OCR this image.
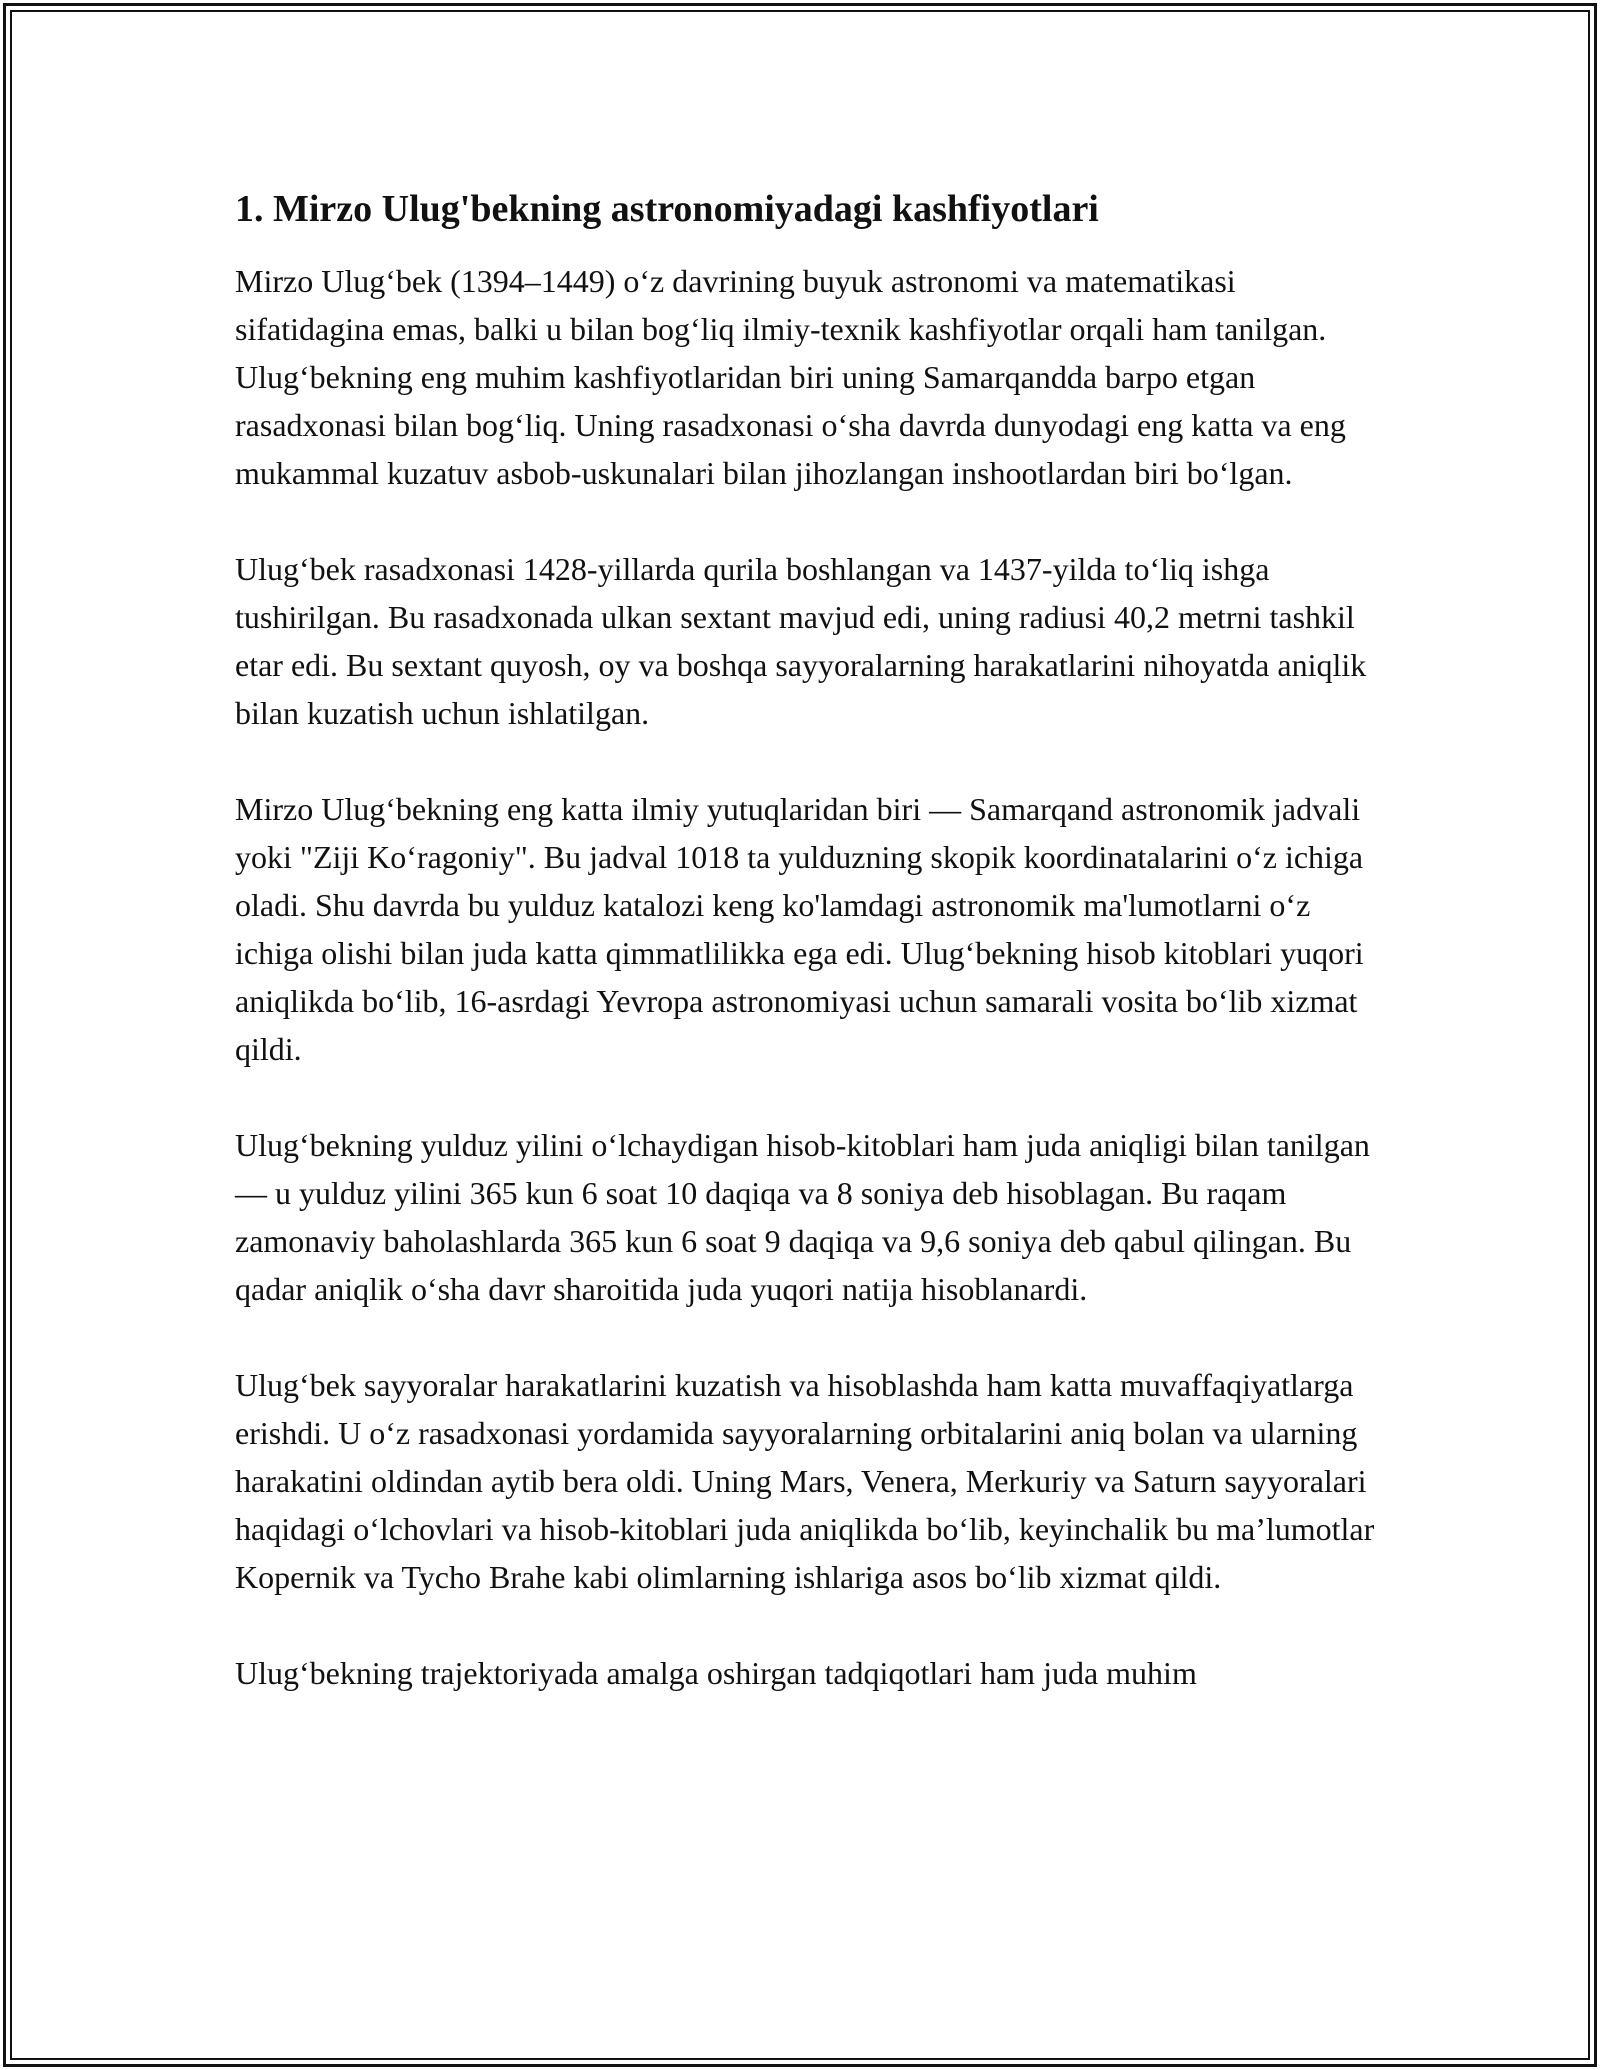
1. Mirzo Ulug'bekning astronomiyadagi kashfiyotlari

Mirzo Ulug‘bek (1394–1449) o‘z davrining buyuk astronomi va matematikasi sifatidagina emas, balki u bilan bog‘liq ilmiy-texnik kashfiyotlar orqali ham tanilgan. Ulug‘bekning eng muhim kashfiyotlaridan biri uning Samarqandda barpo etgan rasadxonasi bilan bog‘liq. Uning rasadxonasi o‘sha davrda dunyodagi eng katta va eng mukammal kuzatuv asbob-uskunalari bilan jihozlangan inshootlardan biri bo‘lgan.

Ulug‘bek rasadxonasi 1428-yillarda qurila boshlangan va 1437-yilda to‘liq ishga tushirilgan. Bu rasadxonada ulkan sextant mavjud edi, uning radiusi 40,2 metrni tashkil etar edi. Bu sextant quyosh, oy va boshqa sayyoralarning harakatlarini nihoyatda aniqlik bilan kuzatish uchun ishlatilgan.

Mirzo Ulug‘bekning eng katta ilmiy yutuqlaridan biri — Samarqand astronomik jadvali yoki "Ziji Ko‘ragoniy". Bu jadval 1018 ta yulduzning skopik koordinatalarini o‘z ichiga oladi. Shu davrda bu yulduz katalozi keng ko'lamdagi astronomik ma'lumotlarni o‘z ichiga olishi bilan juda katta qimmatlilikka ega edi. Ulug‘bekning hisob kitoblari yuqori aniqlikda bo‘lib, 16-asrdagi Yevropa astronomiyasi uchun samarali vosita bo‘lib xizmat qildi.

Ulug‘bekning yulduz yilini o‘lchaydigan hisob-kitoblari ham juda aniqligi bilan tanilgan — u yulduz yilini 365 kun 6 soat 10 daqiqa va 8 soniya deb hisoblagan. Bu raqam zamonaviy baholashlarda 365 kun 6 soat 9 daqiqa va 9,6 soniya deb qabul qilingan. Bu qadar aniqlik o‘sha davr sharoitida juda yuqori natija hisoblanardi.

Ulug‘bek sayyoralar harakatlarini kuzatish va hisoblashda ham katta muvaffaqiyatlarga erishdi. U o‘z rasadxonasi yordamida sayyoralarning orbitalarini aniq bolan va ularning harakatini oldindan aytib bera oldi. Uning Mars, Venera, Merkuriy va Saturn sayyoralari haqidagi o‘lchovlari va hisob-kitoblari juda aniqlikda bo‘lib, keyinchalik bu ma’lumotlar Kopernik va Tycho Brahe kabi olimlarning ishlariga asos bo‘lib xizmat qildi.

Ulug‘bekning trajektoriyada amalga oshirgan tadqiqotlari ham juda muhim
